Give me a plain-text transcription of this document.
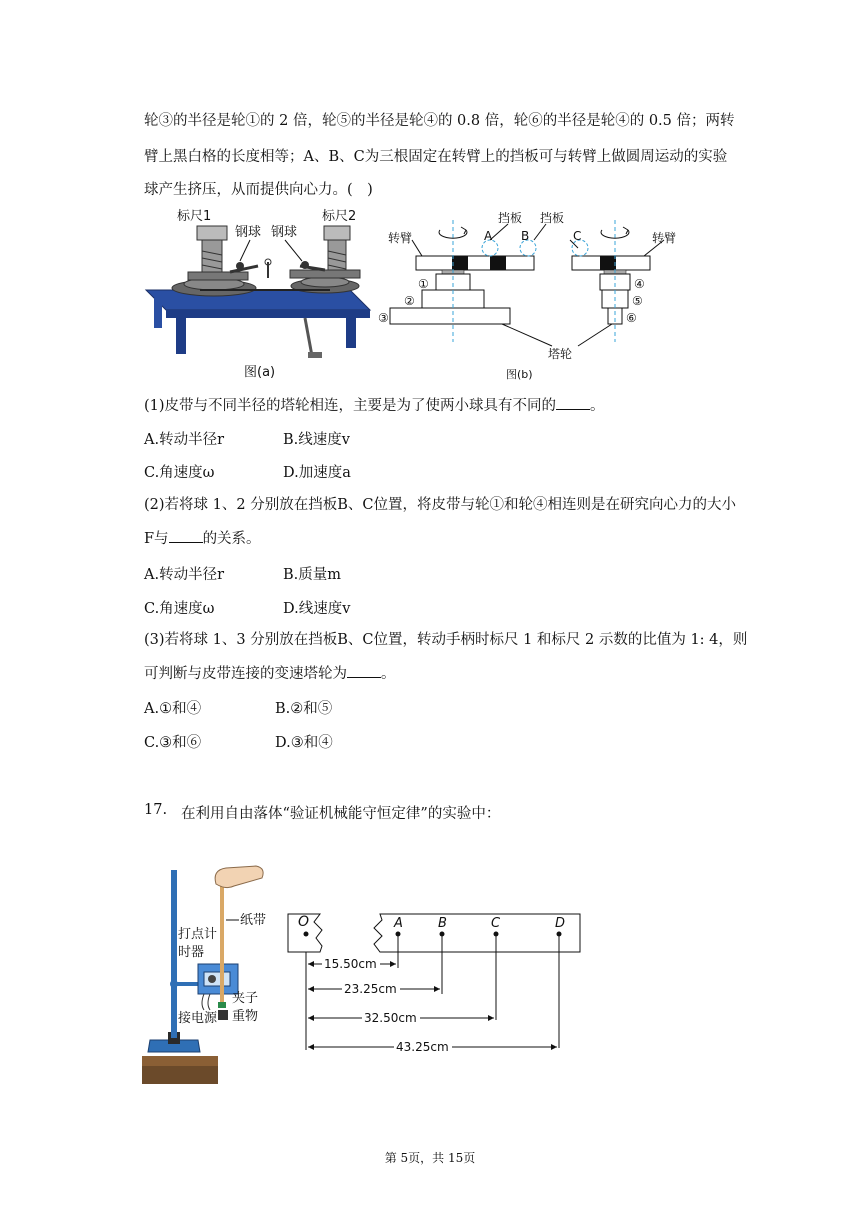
轮③的半径是轮①的 2 倍，轮⑤的半径是轮④的 0.8 倍，轮⑥的半径是轮④的 0.5 倍；两转
臂上黑白格的长度相等；A、B、C为三根固定在转臂上的挡板可与转臂上做圆周运动的实验
球产生挤压，从而提供向心力。(　)
标尺1	标尺2
钢球 钢球
图(a)
转臂	转臂
挡板 挡板
A B	C
①
②
③
④
⑤
⑥
塔轮
图(b)
(1)皮带与不同半径的塔轮相连，主要是为了使两小球具有不同的 。
A.转动半径r	B.线速度v
C.角速度ω	D.加速度a
(2)若将球 1、2 分别放在挡板B、C位置，将皮带与轮①和轮④相连则是在研究向心力的大小
F与 的关系。
A.转动半径r	B.质量m
C.角速度ω	D.线速度v
(3)若将球 1、3 分别放在挡板B、C位置，转动手柄时标尺 1 和标尺 2 示数的比值为 1: 4，则
可判断与皮带连接的变速塔轮为 。
A.①和④	B.②和⑤
C.③和⑥	D.③和④
17. 在利用自由落体“验证机械能守恒定律”的实验中：
打点计
时器
纸带
夹子
重物
接电源
O	A	B	C	D
15.50cm
23.25cm
32.50cm
43.25cm
第 5页，共 15页
